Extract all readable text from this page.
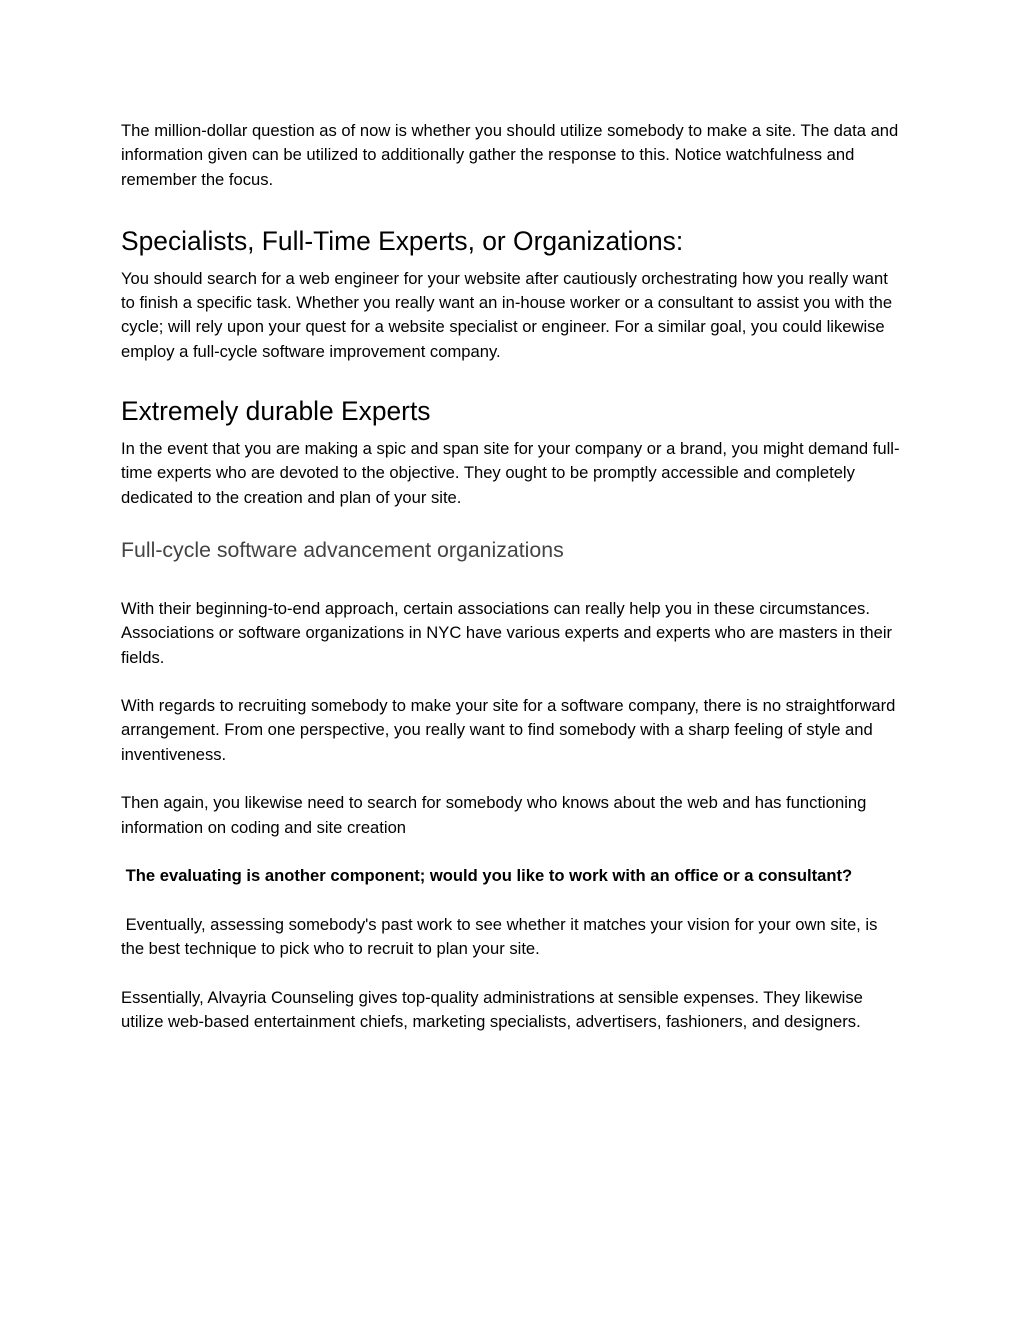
The million-dollar question as of now is whether you should utilize somebody to make a site. The data and information given can be utilized to additionally gather the response to this. Notice watchfulness and remember the focus.

Specialists, Full-Time Experts, or Organizations:

You should search for a web engineer for your website after cautiously orchestrating how you really want to finish a specific task. Whether you really want an in-house worker or a consultant to assist you with the cycle; will rely upon your quest for a website specialist or engineer. For a similar goal, you could likewise employ a full-cycle software improvement company.

Extremely durable Experts

In the event that you are making a spic and span site for your company or a brand, you might demand full-time experts who are devoted to the objective. They ought to be promptly accessible and completely dedicated to the creation and plan of your site.

Full-cycle software advancement organizations

With their beginning-to-end approach, certain associations can really help you in these circumstances. Associations or software organizations in NYC have various experts and experts who are masters in their fields.

With regards to recruiting somebody to make your site for a software company, there is no straightforward arrangement. From one perspective, you really want to find somebody with a sharp feeling of style and inventiveness.

Then again, you likewise need to search for somebody who knows about the web and has functioning information on coding and site creation

The evaluating is another component; would you like to work with an office or a consultant?

Eventually, assessing somebody's past work to see whether it matches your vision for your own site, is the best technique to pick who to recruit to plan your site.

Essentially, Alvayria Counseling gives top-quality administrations at sensible expenses. They likewise utilize web-based entertainment chiefs, marketing specialists, advertisers, fashioners, and designers.
